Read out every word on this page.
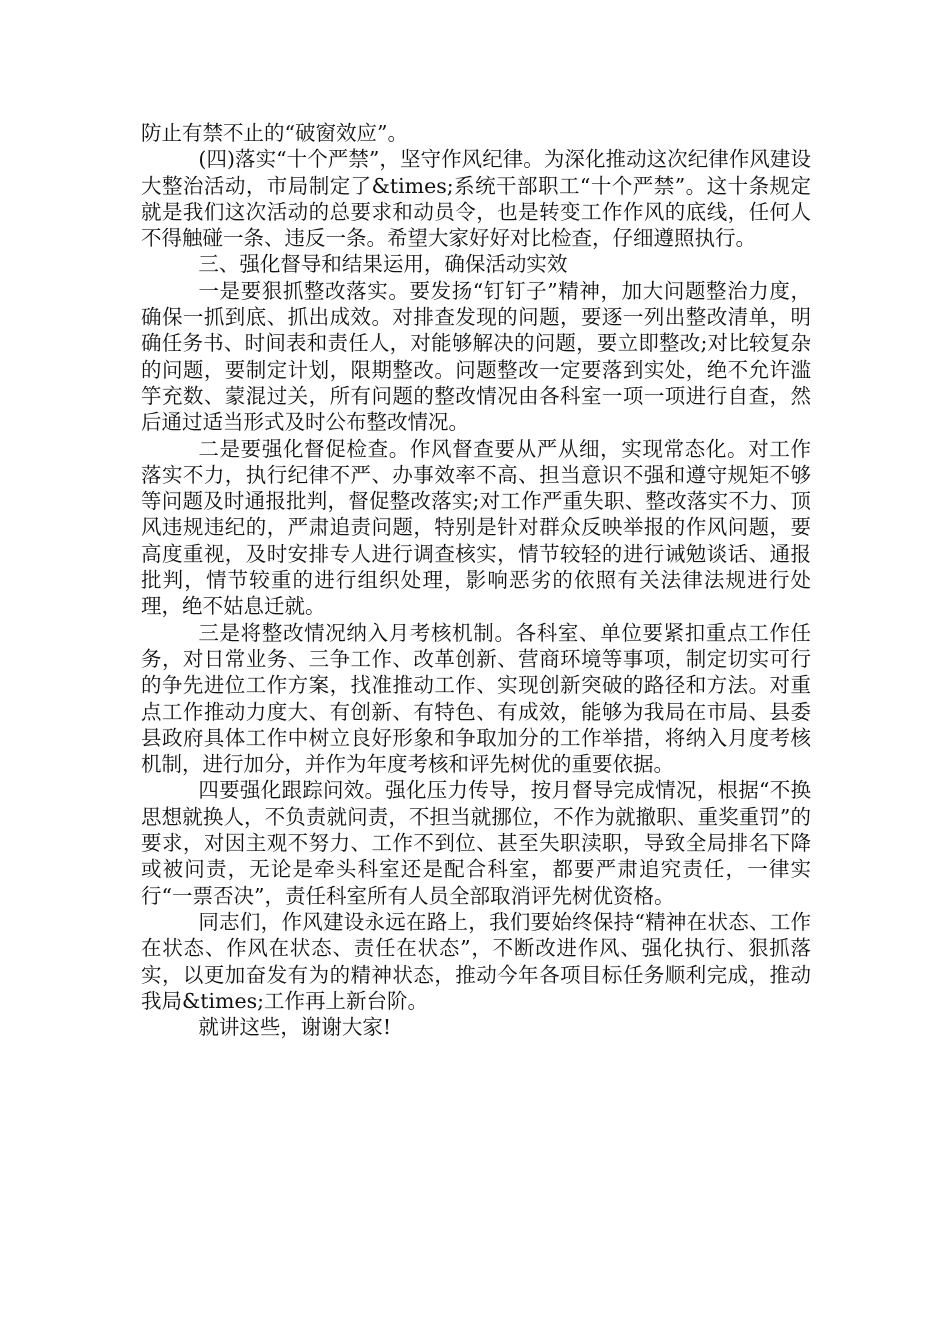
防止有禁不止的“破窗效应”。

(四)落实“十个严禁”，坚守作风纪律。为深化推动这次纪律作风建设大整治活动，市局制定了&times;系统干部职工“十个严禁”。这十条规定就是我们这次活动的总要求和动员令，也是转变工作作风的底线，任何人不得触碰一条、违反一条。希望大家好好对比检查，仔细遵照执行。

三、强化督导和结果运用，确保活动实效

一是要狠抓整改落实。要发扬“钉钉子”精神，加大问题整治力度，确保一抓到底、抓出成效。对排查发现的问题，要逐一列出整改清单，明确任务书、时间表和责任人，对能够解决的问题，要立即整改;对比较复杂的问题，要制定计划，限期整改。问题整改一定要落到实处，绝不允许滥竽充数、蒙混过关，所有问题的整改情况由各科室一项一项进行自查，然后通过适当形式及时公布整改情况。

二是要强化督促检查。作风督查要从严从细，实现常态化。对工作落实不力，执行纪律不严、办事效率不高、担当意识不强和遵守规矩不够等问题及时通报批判，督促整改落实;对工作严重失职、整改落实不力、顶风违规违纪的，严肃追责问题，特别是针对群众反映举报的作风问题，要高度重视，及时安排专人进行调查核实，情节较轻的进行诫勉谈话、通报批判，情节较重的进行组织处理，影响恶劣的依照有关法律法规进行处理，绝不姑息迁就。

三是将整改情况纳入月考核机制。各科室、单位要紧扣重点工作任务，对日常业务、三争工作、改革创新、营商环境等事项，制定切实可行的争先进位工作方案，找准推动工作、实现创新突破的路径和方法。对重点工作推动力度大、有创新、有特色、有成效，能够为我局在市局、县委县政府具体工作中树立良好形象和争取加分的工作举措，将纳入月度考核机制，进行加分，并作为年度考核和评先树优的重要依据。

四要强化跟踪问效。强化压力传导，按月督导完成情况，根据“不换思想就换人，不负责就问责，不担当就挪位，不作为就撤职、重奖重罚”的要求，对因主观不努力、工作不到位、甚至失职渎职，导致全局排名下降或被问责，无论是牵头科室还是配合科室，都要严肃追究责任，一律实行“一票否决”，责任科室所有人员全部取消评先树优资格。

同志们，作风建设永远在路上，我们要始终保持“精神在状态、工作在状态、作风在状态、责任在状态”，不断改进作风、强化执行、狠抓落实，以更加奋发有为的精神状态，推动今年各项目标任务顺利完成，推动我局&times;工作再上新台阶。

就讲这些，谢谢大家!
